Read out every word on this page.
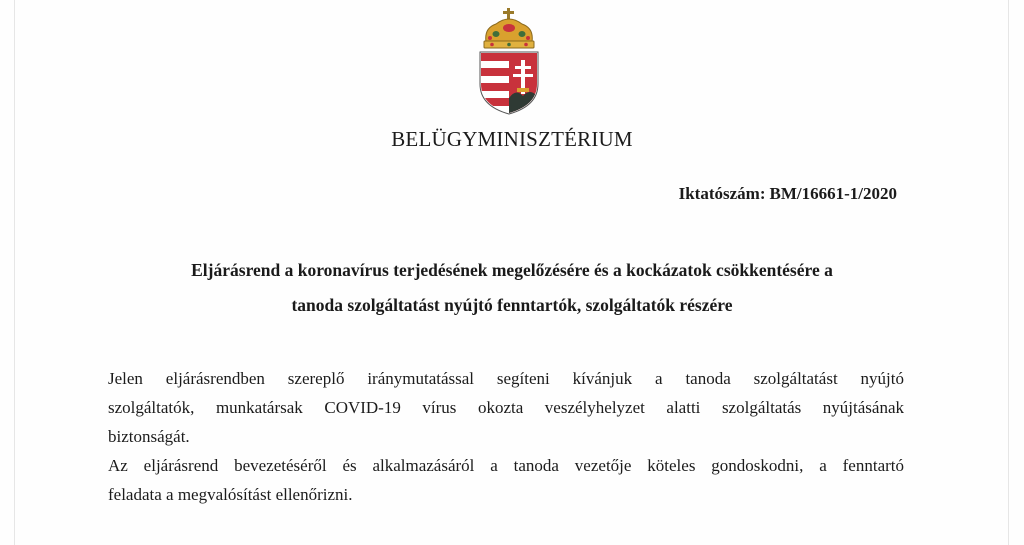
BELÜGYMINISZTÉRIUM
Iktatószám: BM/16661-1/2020
Eljárásrend a koronavírus terjedésének megelőzésére és a kockázatok csökkentésére a
tanoda szolgáltatást nyújtó fenntartók, szolgáltatók részére
Jelen eljárásrendben szereplő iránymutatással segíteni kívánjuk a tanoda szolgáltatást nyújtó
szolgáltatók, munkatársak COVID-19 vírus okozta veszélyhelyzet alatti szolgáltatás nyújtásának
biztonságát.
Az eljárásrend bevezetéséről és alkalmazásáról a tanoda vezetője köteles gondoskodni, a fenntartó
feladata a megvalósítást ellenőrizni.
